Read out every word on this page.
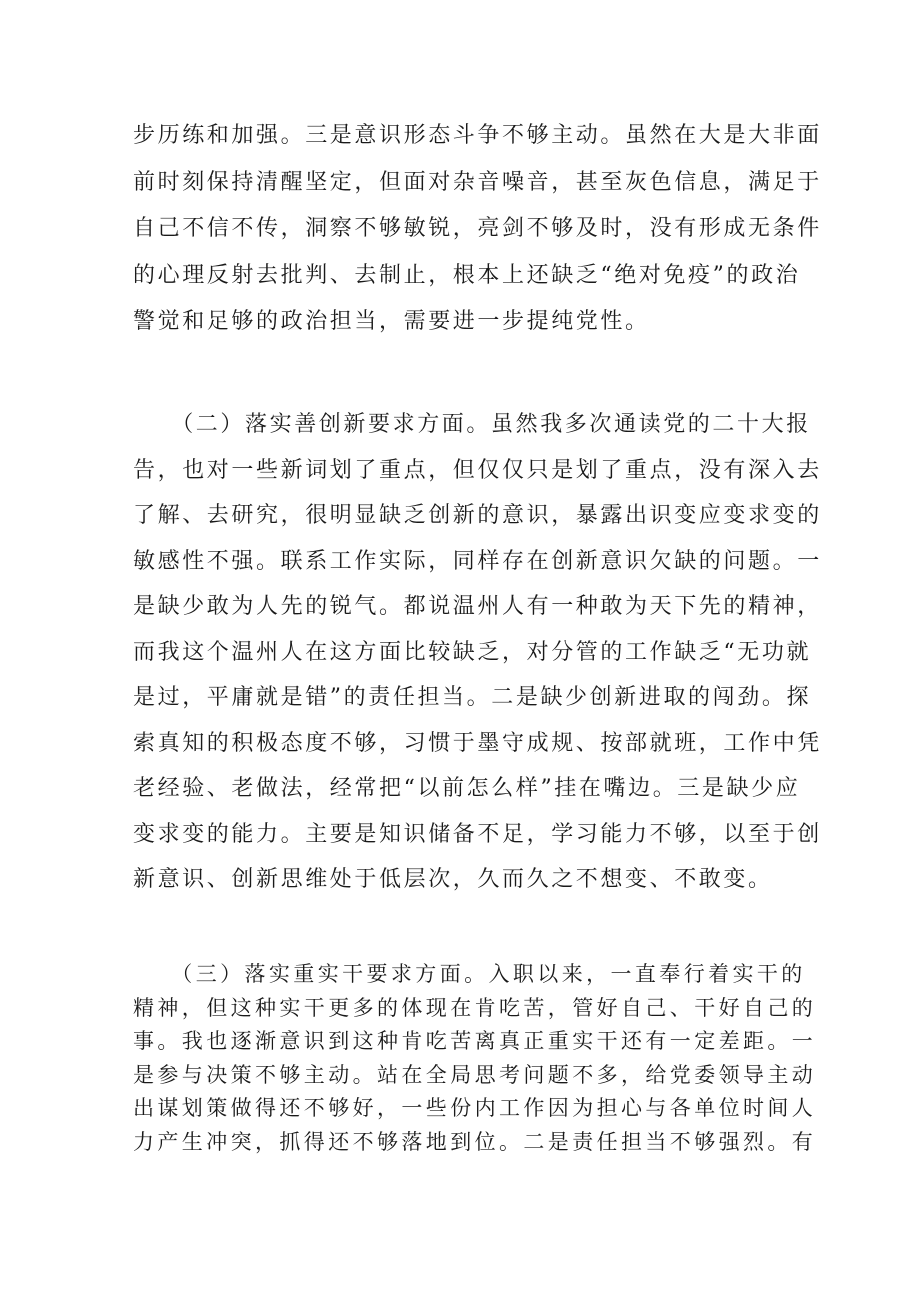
步历练和加强。三是意识形态斗争不够主动。虽然在大是大非面
前时刻保持清醒坚定，但面对杂音噪音，甚至灰色信息，满足于
自己不信不传，洞察不够敏锐，亮剑不够及时，没有形成无条件
的心理反射去批判、去制止，根本上还缺乏“绝对免疫”的政治
警觉和足够的政治担当，需要进一步提纯党性。
　　（二）落实善创新要求方面。虽然我多次通读党的二十大报
告，也对一些新词划了重点，但仅仅只是划了重点，没有深入去
了解、去研究，很明显缺乏创新的意识，暴露出识变应变求变的
敏感性不强。联系工作实际，同样存在创新意识欠缺的问题。一
是缺少敢为人先的锐气。都说温州人有一种敢为天下先的精神，
而我这个温州人在这方面比较缺乏，对分管的工作缺乏“无功就
是过，平庸就是错”的责任担当。二是缺少创新进取的闯劲。探
索真知的积极态度不够，习惯于墨守成规、按部就班，工作中凭
老经验、老做法，经常把“以前怎么样”挂在嘴边。三是缺少应
变求变的能力。主要是知识储备不足，学习能力不够，以至于创
新意识、创新思维处于低层次，久而久之不想变、不敢变。
　　（三）落实重实干要求方面。入职以来，一直奉行着实干的
精神，但这种实干更多的体现在肯吃苦，管好自己、干好自己的
事。我也逐渐意识到这种肯吃苦离真正重实干还有一定差距。一
是参与决策不够主动。站在全局思考问题不多，给党委领导主动
出谋划策做得还不够好，一些份内工作因为担心与各单位时间人
力产生冲突，抓得还不够落地到位。二是责任担当不够强烈。有
